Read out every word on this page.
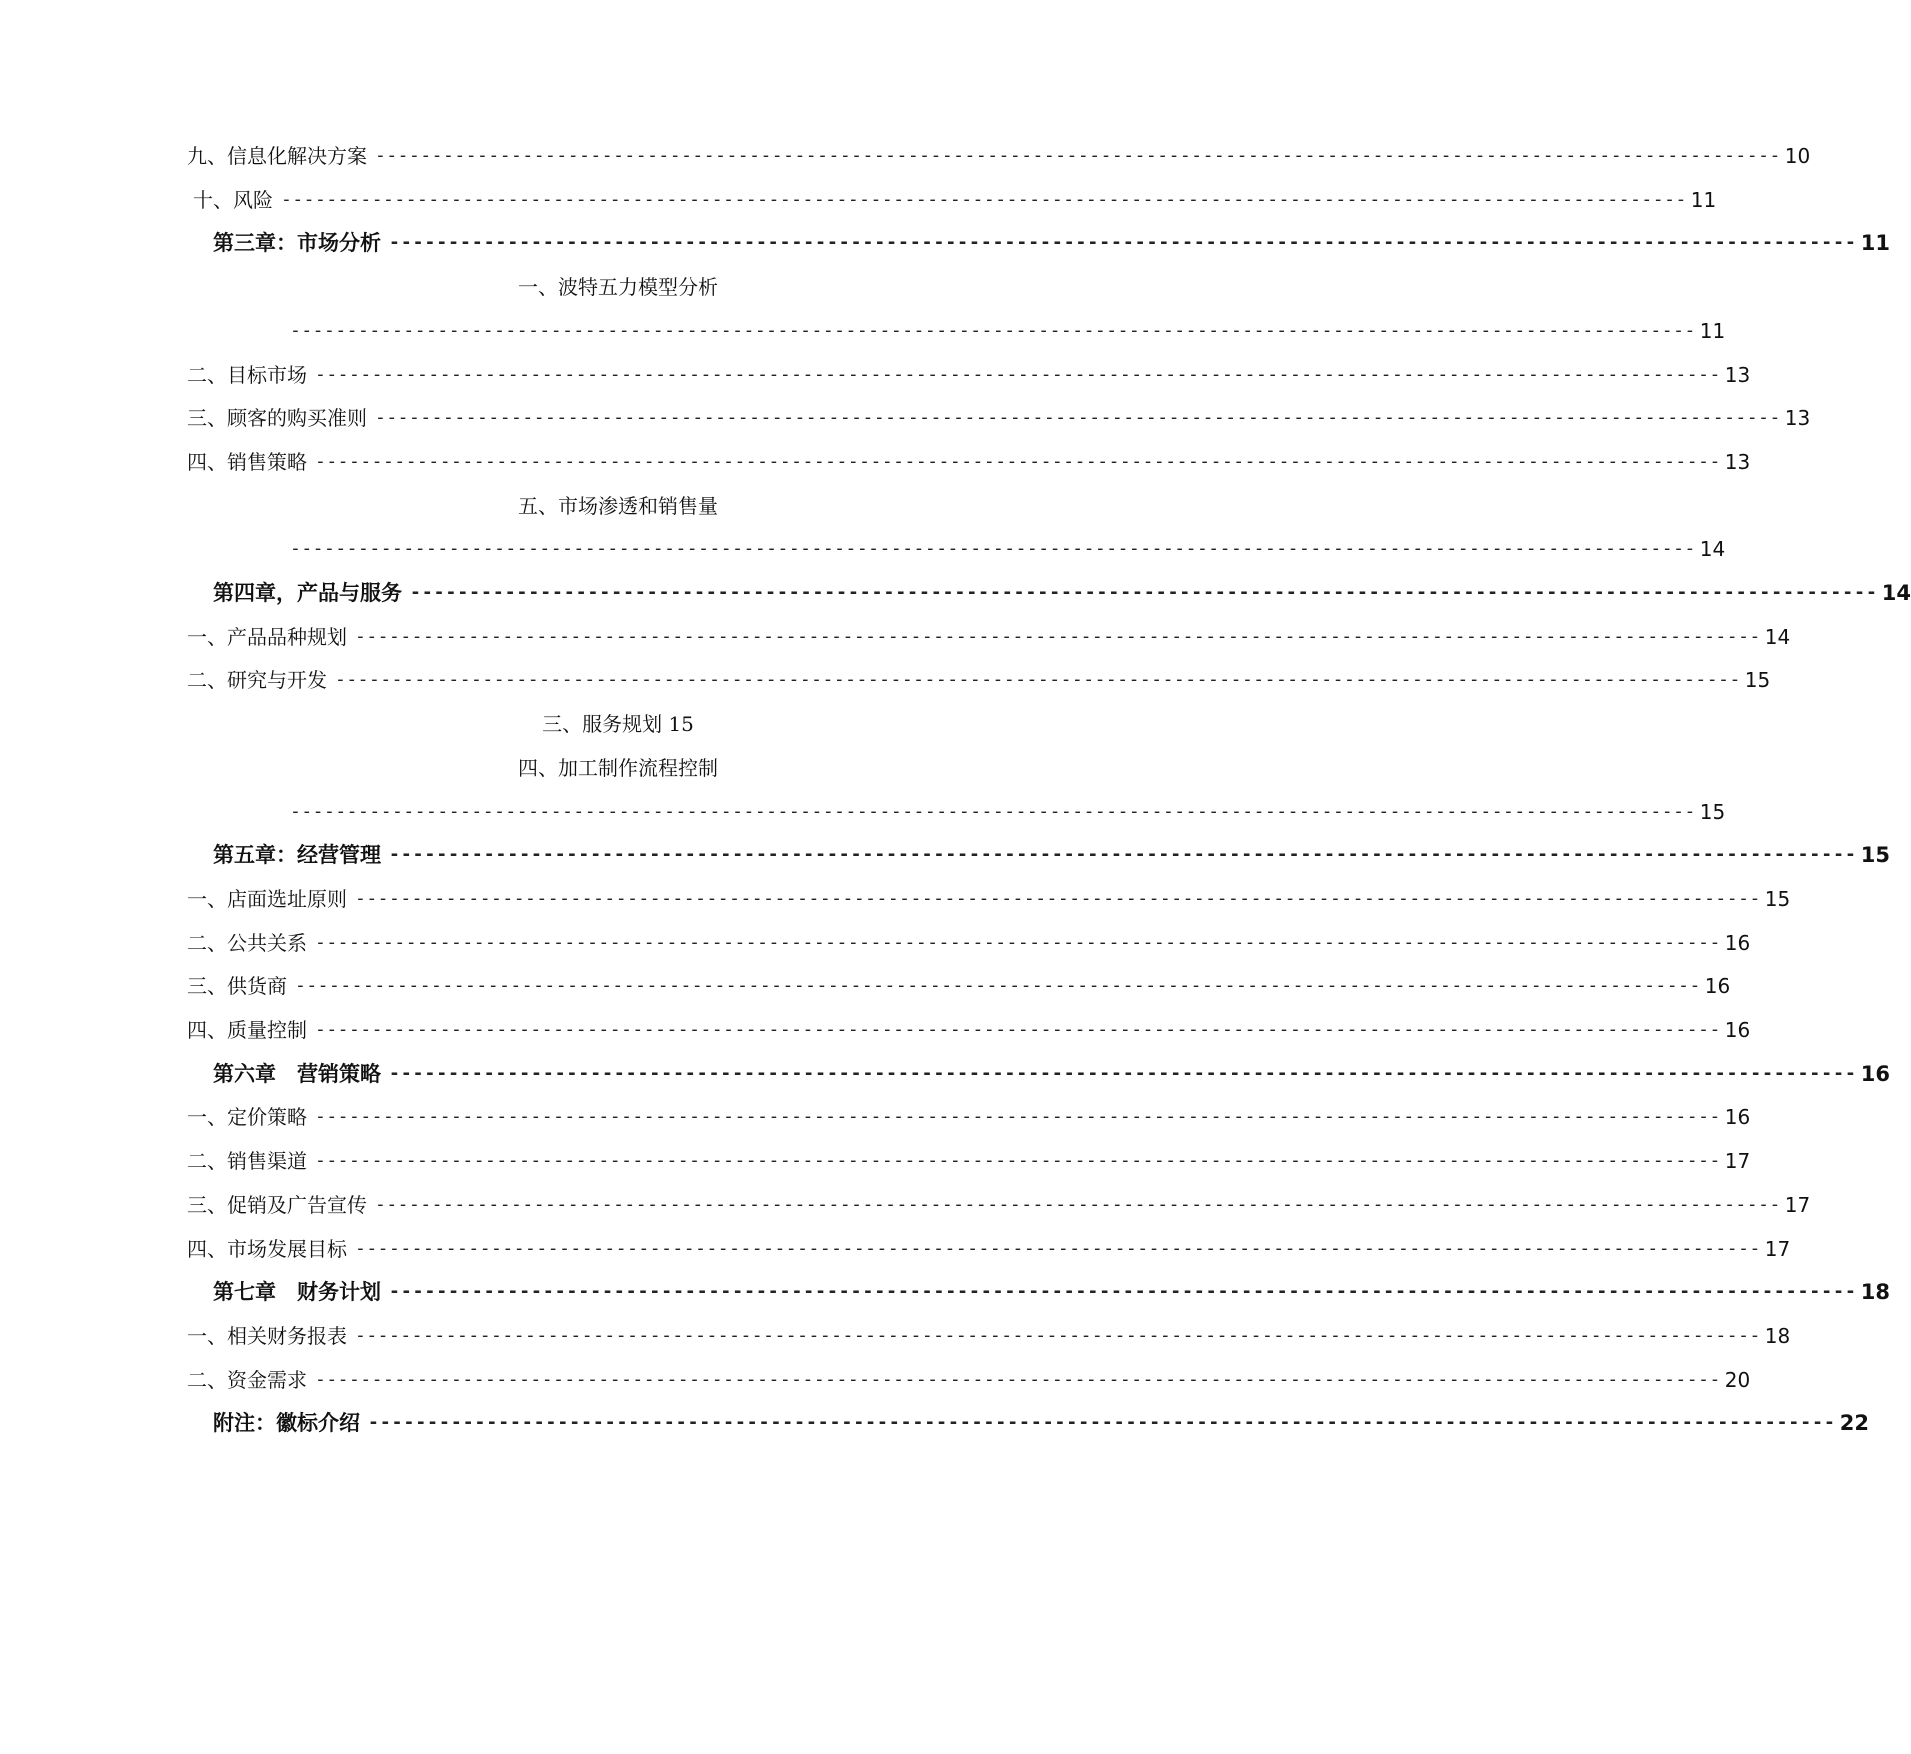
九、信息化解决方案 ---------------------------------------------------------------------------------------------------------------------------- 10
十、风险 ---------------------------------------------------------------------------------------------------------------------------- 11
第三章：市场分析 ---------------------------------------------------------------------------------------------------------------------------- 11
一、波特五力模型分析
---------------------------------------------------------------------------------------------------------------------------- 11
二、目标市场 ---------------------------------------------------------------------------------------------------------------------------- 13
三、顾客的购买准则 ---------------------------------------------------------------------------------------------------------------------------- 13
四、销售策略 ---------------------------------------------------------------------------------------------------------------------------- 13
五、市场渗透和销售量
---------------------------------------------------------------------------------------------------------------------------- 14
第四章，产品与服务 ---------------------------------------------------------------------------------------------------------------------------- 14
一、产品品种规划 ---------------------------------------------------------------------------------------------------------------------------- 14
二、研究与开发 ---------------------------------------------------------------------------------------------------------------------------- 15
三、服务规划 15
四、加工制作流程控制
---------------------------------------------------------------------------------------------------------------------------- 15
第五章：经营管理 ---------------------------------------------------------------------------------------------------------------------------- 15
一、店面选址原则 ---------------------------------------------------------------------------------------------------------------------------- 15
二、公共关系 ---------------------------------------------------------------------------------------------------------------------------- 16
三、供货商 ---------------------------------------------------------------------------------------------------------------------------- 16
四、质量控制 ---------------------------------------------------------------------------------------------------------------------------- 16
第六章　营销策略 ---------------------------------------------------------------------------------------------------------------------------- 16
一、定价策略 ---------------------------------------------------------------------------------------------------------------------------- 16
二、销售渠道 ---------------------------------------------------------------------------------------------------------------------------- 17
三、促销及广告宣传 ---------------------------------------------------------------------------------------------------------------------------- 17
四、市场发展目标 ---------------------------------------------------------------------------------------------------------------------------- 17
第七章　财务计划 ---------------------------------------------------------------------------------------------------------------------------- 18
一、相关财务报表 ---------------------------------------------------------------------------------------------------------------------------- 18
二、资金需求 ---------------------------------------------------------------------------------------------------------------------------- 20
附注：徽标介绍 ---------------------------------------------------------------------------------------------------------------------------- 22
